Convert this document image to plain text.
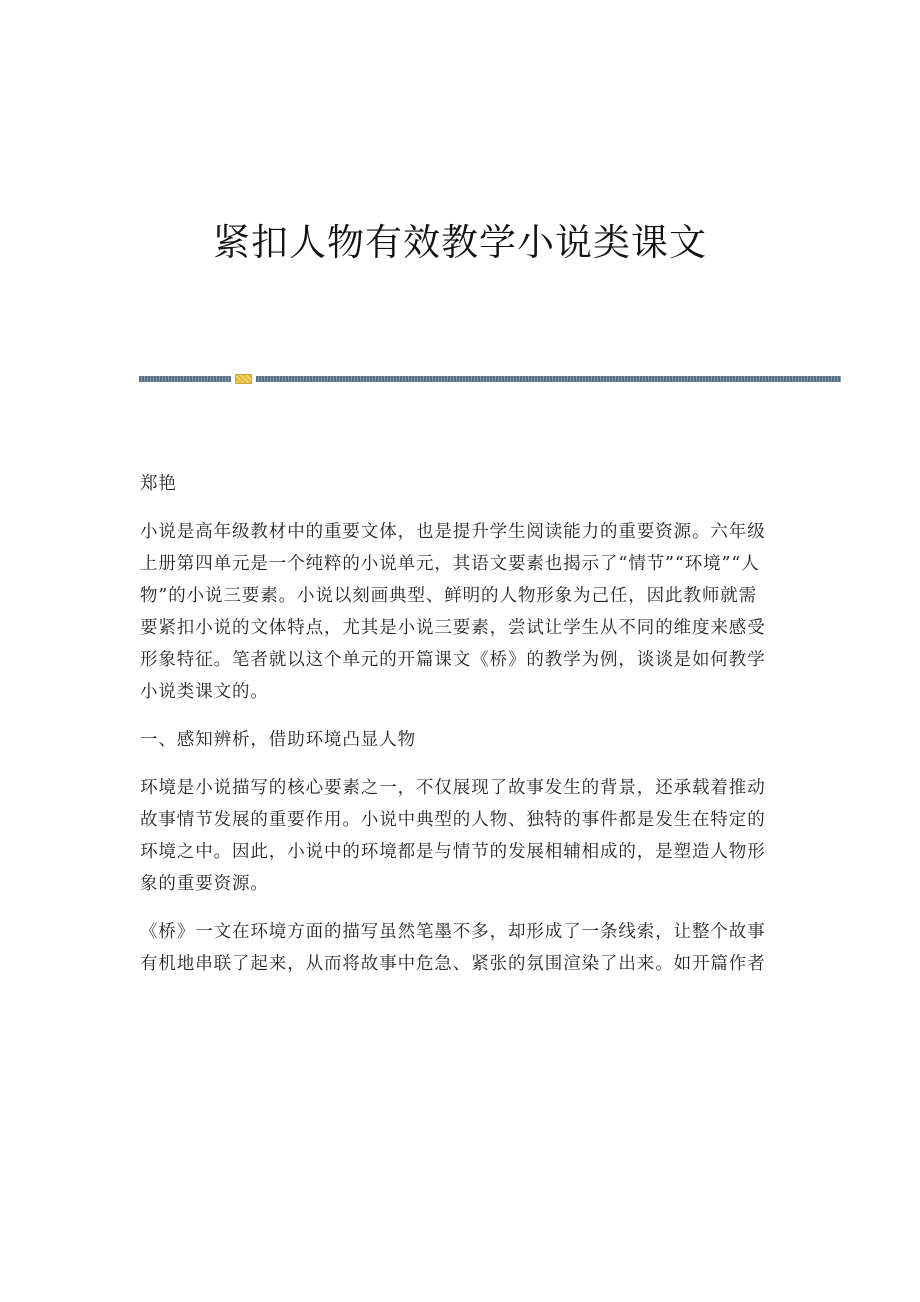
紧扣人物有效教学小说类课文

郑艳

小说是高年级教材中的重要文体，也是提升学生阅读能力的重要资源。六年级上册第四单元是一个纯粹的小说单元，其语文要素也揭示了“情节”“环境”“人物”的小说三要素。小说以刻画典型、鲜明的人物形象为己任，因此教师就需要紧扣小说的文体特点，尤其是小说三要素，尝试让学生从不同的维度来感受形象特征。笔者就以这个单元的开篇课文《桥》的教学为例，谈谈是如何教学小说类课文的。

一、感知辨析，借助环境凸显人物

环境是小说描写的核心要素之一，不仅展现了故事发生的背景，还承载着推动故事情节发展的重要作用。小说中典型的人物、独特的事件都是发生在特定的环境之中。因此，小说中的环境都是与情节的发展相辅相成的，是塑造人物形象的重要资源。

《桥》一文在环境方面的描写虽然笔墨不多，却形成了一条线索，让整个故事有机地串联了起来，从而将故事中危急、紧张的氛围渲染了出来。如开篇作者
